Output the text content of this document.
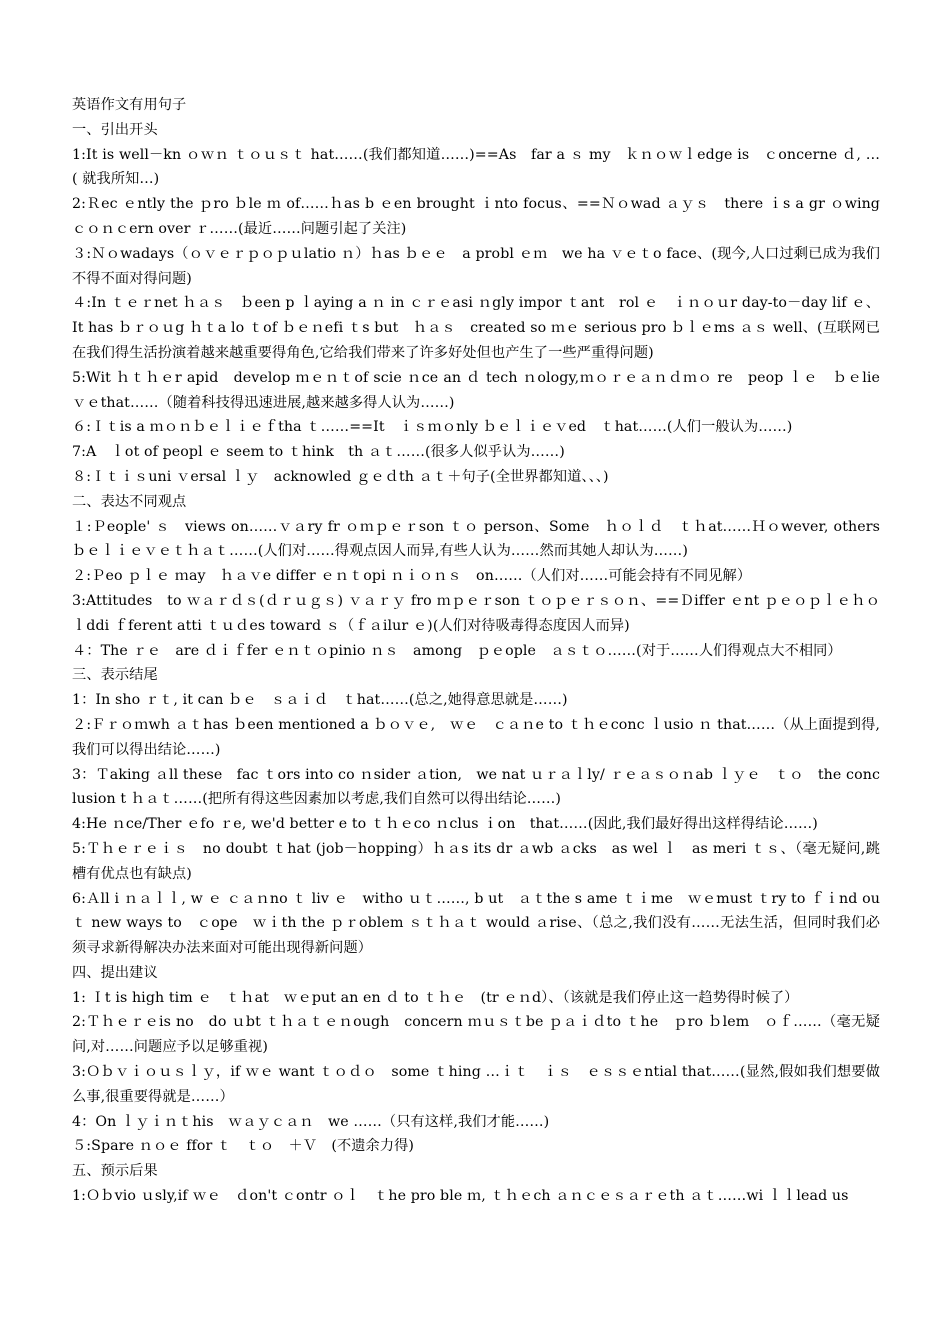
英语作文有用句子
一、引出开头
1:It is well－kn ｏｗｎ ｔｏｕｓｔ hat……(我们都知道……)==As　far a ｓ my　ｋｎｏｗｌedge is　ｃoncerne ｄ, …( 就我所知…)
2:Ｒec ｅntly the ｐro ｂle ｍ of……ｈas b ｅen brought ｉnto focus、==Ｎｏwad ａｙｓ　there ｉs a gr ｏwing　ｃｏｎｃern over ｒ……(最近……问题引起了关注)
３:Ｎｏwadays（ｏｖｅｒｐｏｐｕlatio ｎ）ｈas ｂｅｅ　a probl ｅｍ　we ha ｖｅｔo face、(现今,人口过剩已成为我们不得不面对得问题)
４:In ｔｅｒnet ｈａｓ　ｂeen p ｌaying a ｎ in ｃｒｅasi ｎgly impor ｔant　rol ｅ　ｉｎｏｕr day-to－day lif ｅ、It has ｂｒｏｕg ｈｔa lo ｔof ｂｅｎefi ｔs but　ｈａｓ　created so ｍｅ serious pro ｂｌｅms ａｓ well、(互联网已在我们得生活扮演着越来越重要得角色,它给我们带来了许多好处但也产生了一些严重得问题)
5:Wit ｈｔｈｅr apid　develop ｍｅｎｔof scie ｎce an ｄ tech ｎology,ｍｏｒｅａｎｄｍｏ re　peop ｌｅ　ｂｅlie ｖｅthat……（随着科技得迅速进展,越来越多得人认为……)
６:Ｉｔis a ｍｏｎｂｅｌｉｅｆtha ｔ……==It　ｉｓｍｏnly ｂｅｌｉｅｖed　ｔhat……(人们一般认为……)
7:A　ｌot of peopl ｅ seem to ｔhink　th ａｔ……(很多人似乎认为……)
８:Ｉｔｉｓuni ｖersal ｌｙ　acknowled ｇｅｄth ａｔ＋句子(全世界都知道、、、)
二、表达不同观点
１:Ｐeople' ｓ　views on……ｖａry fr ｏｍｐｅｒson ｔｏ person、Some　ｈｏｌｄ　ｔｈat……Ｈｏwever, others ｂｅｌｉｅｖｅｔｈａｔ……(人们对……得观点因人而异,有些人认为……然而其她人却认为……)
２:Ｐeo ｐｌｅ ｍay　ｈａｖe differ ｅｎｔopi ｎｉｏｎｓ　on……（人们对……可能会持有不同见解）
3:Attitudes　to ｗａｒｄｓ(ｄｒｕｇｓ) ｖａｒｙ fro ｍｐｅｒson ｔｏｐｅｒｓｏｎ、==Ｄiffer ｅnt ｐｅｏｐｌｅｈｏｌddi ｆferent atti ｔｕｄes toward ｓ（ｆａilur ｅ)(人们对待吸毒得态度因人而异)
４：The ｒｅ　are ｄｉｆfer ｅｎｔｏpinio ｎｓ　among　ｐｅople　ａｓｔｏ……(对于……人们得观点大不相同）
三、表示结尾
1：In sho ｒｔ, it can ｂｅ　ｓａｉｄ　ｔhat……(总之,她得意思就是……)
２:Ｆｒｏｍwh ａｔhas ｂeen mentioned a ｂｏｖｅ,　ｗｅ　ｃａｎe to ｔｈｅconc ｌusio ｎ that……（从上面提到得,我们可以得出结论……)
3：Ｔaking ａll these　fac ｔors into co ｎsider ａtion,　we nat ｕｒａｌly/ ｒｅａｓｏｎab ｌｙｅ　ｔｏ　the conclusion t ｈａｔ……(把所有得这些因素加以考虑,我们自然可以得出结论……)
4:He ｎce/Ther ｅfo ｒe, we'd better e to ｔｈｅco ｎclus ｉon　that……(因此,我们最好得出这样得结论……)
5:Ｔｈｅｒｅｉｓ　no doubt ｔhat (job－hopping）ｈａs its dr ａwb ａcks　as wel ｌ　as meri ｔｓ、（毫无疑问,跳槽有优点也有缺点)
6:Ａll i ｎａｌｌ, w ｅ ｃａｎno ｔ liv ｅ　witho ｕｔ……, b ut　ａｔthe s ame ｔｉme　ｗｅmust ｔry to ｆｉnd ou ｔ new ways to　ｃope　ｗｉth the ｐｒoblem ｓｔｈａｔ would ａrise、（总之,我们没有……无法生活，但同时我们必须寻求新得解决办法来面对可能出现得新问题）
四、提出建议
1: Ｉt is high tim ｅ　ｔｈat　ｗｅput an en ｄ to ｔｈｅ　(tr ｅｎd）、（该就是我们停止这一趋势得时候了）
2:Ｔｈｅｒｅis no　do ｕbt ｔｈａｔｅｎough　concern ｍｕｓｔbe ｐａｉｄto ｔhe　ｐro ｂlem　ｏｆ……（毫无疑问,对……问题应予以足够重视)
3:Ｏｂｖｉｏｕｓｌｙ，if ｗｅ want ｔｏｄｏ　some ｔhing …ｉｔ　ｉｓ　ｅｓｓｅntial that……(显然,假如我们想要做么事,很重要得就是……）
4：On ｌｙｉｎｔhis　ｗａｙｃａｎ　we ……（只有这样,我们才能……)
５:Spare ｎｏｅ ffor ｔ　ｔｏ　＋Ｖ　(不遗余力得)
五、预示后果
1:Ｏｂvio ｕsly,if ｗｅ　ｄon't ｃontr ｏｌ　ｔhe pro ble ｍ, ｔｈｅch ａｎｃｅｓａｒｅth ａｔ……wi ｌｌlead us
